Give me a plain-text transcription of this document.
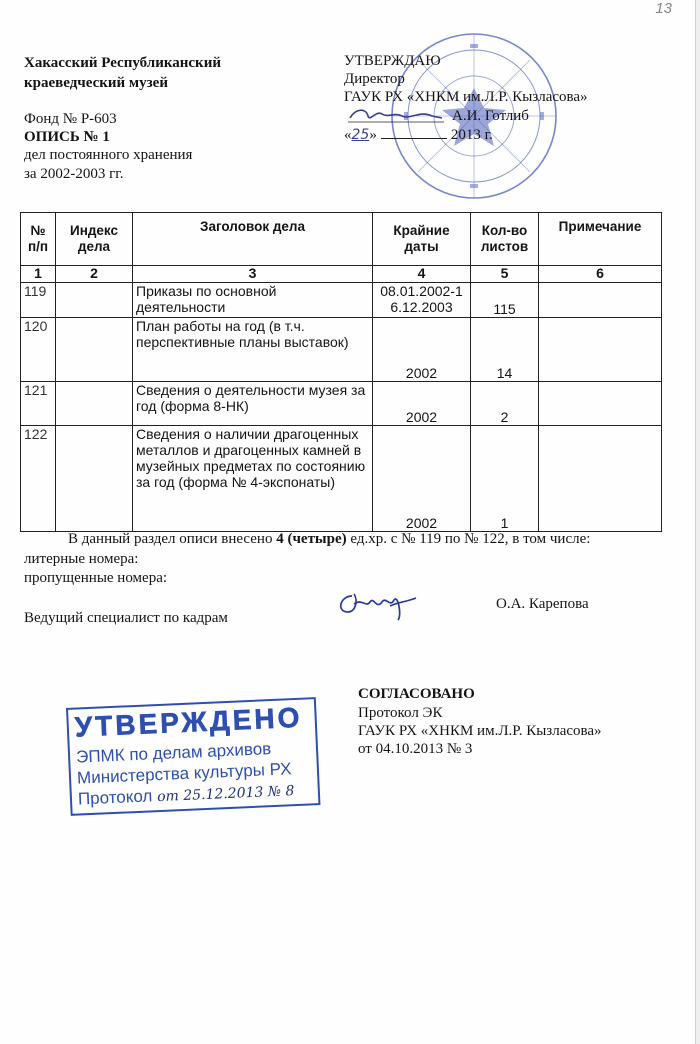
13
Хакасский Республиканский
краеведческий музей
Фонд № Р-603
ОПИСЬ № 1
дел постоянного хранения
за 2002-2003 гг.
УТВЕРЖДАЮ
Директор
ГАУК РХ «ХНКМ им.Л.Р. Кызласова»
А.И. Готлиб
«25»	2013 г.
№ п/п	Индекс дела	Заголовок дела	Крайние даты	Кол-во листов	Примечание
1	2	3	4	5	6
119		Приказы по основной деятельности	08.01.2002-16.12.2003	115	
120		План работы на год (в т.ч. перспективные планы выставок)	2002	14	
121		Сведения о деятельности музея за год (форма 8-НК)	2002	2	
122		Сведения о наличии драгоценных металлов и драгоценных камней в музейных предметах по состоянию за год (форма № 4-экспонаты)	2002	1	
В данный раздел описи внесено 4 (четыре) ед.хр. с № 119 по № 122, в том числе:
литерные номера:
пропущенные номера:
Ведущий специалист по кадрам
О.А. Карепова
СОГЛАСОВАНО
Протокол ЭК
ГАУК РХ «ХНКМ им.Л.Р. Кызласова»
от 04.10.2013 № 3
УТВЕРЖДЕНО
ЭПМК по делам архивов
Министерства культуры РХ
Протокол от 25.12.2013 № 8
